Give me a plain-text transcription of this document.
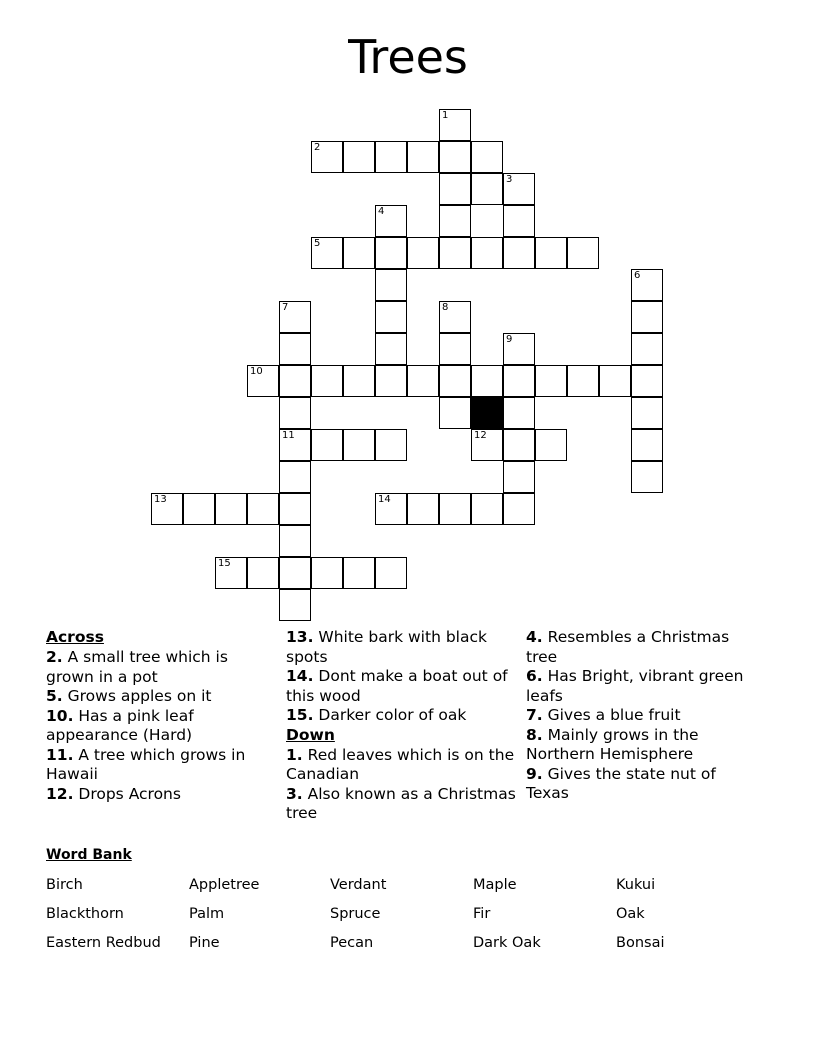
Trees
1
2
3
4
5
6
7	8
9
10
11	12
13	14
15
Across

2. A small tree which is grown in a pot

5. Grows apples on it

10. Has a pink leaf appearance (Hard)

11. A tree which grows in Hawaii

12. Drops Acrons

13. White bark with black spots

14. Dont make a boat out of this wood

15. Darker color of oak

Down

1. Red leaves which is on the Canadian

3. Also known as a Christmas tree

4. Resembles a Christmas tree

6. Has Bright, vibrant green leafs

7. Gives a blue fruit

8. Mainly grows in the Northern Hemisphere

9. Gives the state nut of Texas

Word Bank
Birch	Appletree	Verdant	Maple	Kukui
Blackthorn	Palm	Spruce	Fir	Oak
Eastern Redbud	Pine	Pecan	Dark Oak	Bonsai
